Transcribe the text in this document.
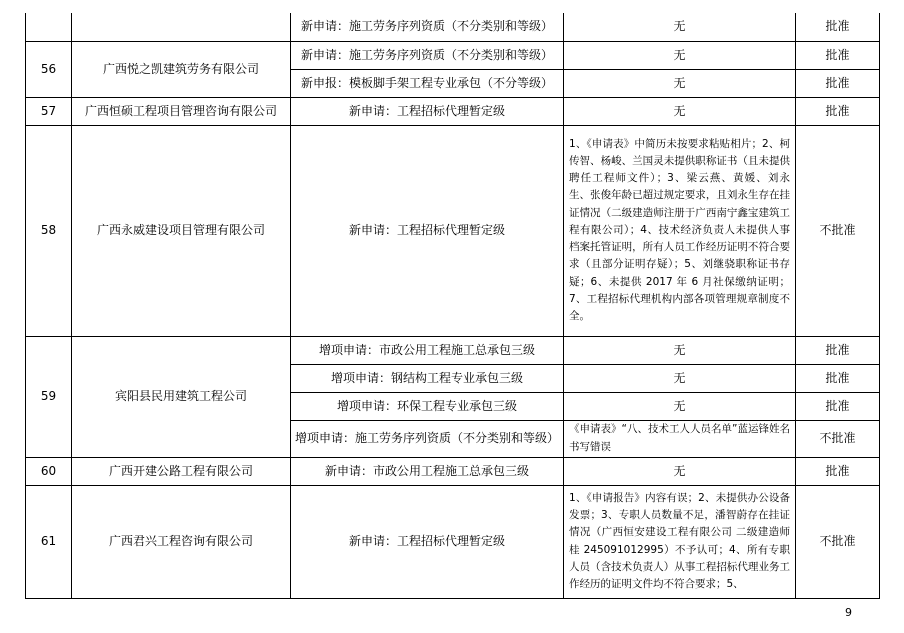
		新申请：施工劳务序列资质（不分类别和等级）	无	批准
56	广西悦之凯建筑劳务有限公司	新申请：施工劳务序列资质（不分类别和等级）	无	批准
		新申报：模板脚手架工程专业承包（不分等级）	无	批准
57	广西恒硕工程项目管理咨询有限公司	新申请：工程招标代理暂定级	无	批准
58	广西永威建设项目管理有限公司	新申请：工程招标代理暂定级	1、《申请表》中简历未按要求粘贴相片；2、柯传智、杨峻、兰国灵未提供职称证书（且未提供聘任工程师文件）；3、梁云燕、黄媛、刘永生、张俊年龄已超过规定要求，且刘永生存在挂证情况（二级建造师注册于广西南宁鑫宝建筑工程有限公司）；4、技术经济负责人未提供人事档案托管证明，所有人员工作经历证明不符合要求（且部分证明存疑）；5、刘继骁职称证书存疑；6、未提供 2017 年 6 月社保缴纳证明；7、工程招标代理机构内部各项管理规章制度不全。	不批准
59	宾阳县民用建筑工程公司	增项申请：市政公用工程施工总承包三级	无	批准
		增项申请：钢结构工程专业承包三级	无	批准
		增项申请：环保工程专业承包三级	无	批准
		增项申请：施工劳务序列资质（不分类别和等级）	《申请表》“八、技术工人人员名单”蓝运锋姓名书写错误	不批准
60	广西开建公路工程有限公司	新申请：市政公用工程施工总承包三级	无	批准
61	广西君兴工程咨询有限公司	新申请：工程招标代理暂定级	1、《申请报告》内容有误；2、未提供办公设备发票；3、专职人员数量不足，潘智蔚存在挂证情况（广西恒安建设工程有限公司 二级建造师 桂 245091012995）不予认可；4、所有专职人员（含技术负责人）从事工程招标代理业务工作经历的证明文件均不符合要求；5、	不批准
9
